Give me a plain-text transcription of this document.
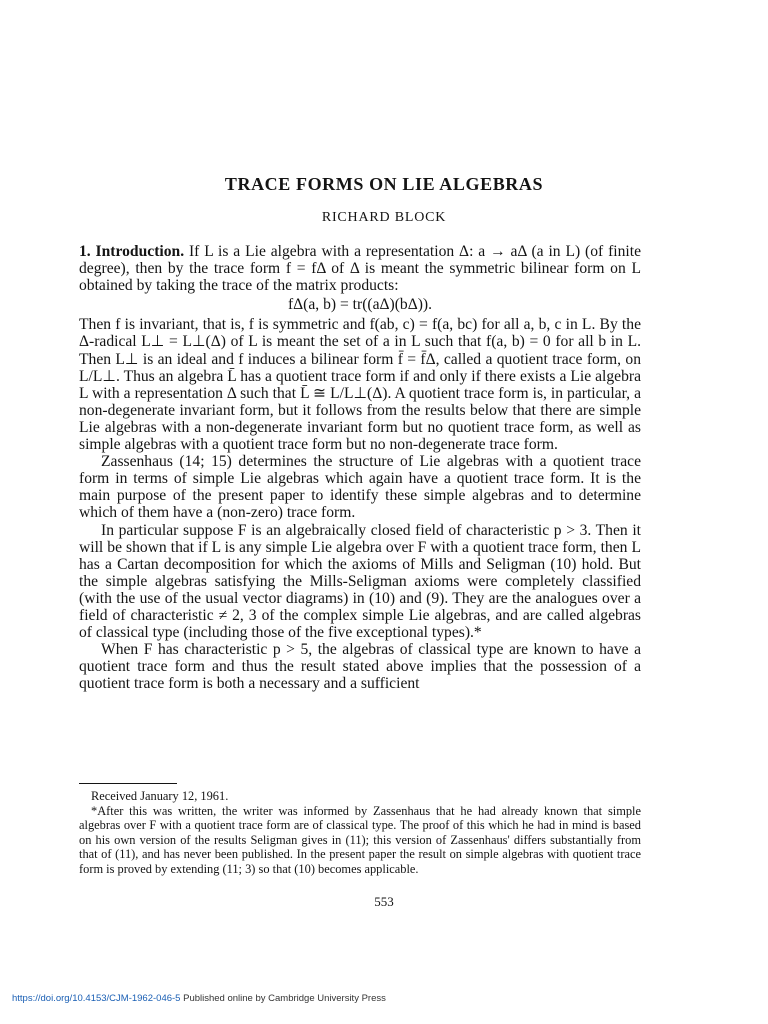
TRACE FORMS ON LIE ALGEBRAS
RICHARD BLOCK

1. Introduction. If L is a Lie algebra with a representation Δ: a → aΔ (a in L) (of finite degree), then by the trace form f = fΔ of Δ is meant the symmetric bilinear form on L obtained by taking the trace of the matrix products:

fΔ(a, b) = tr((aΔ)(bΔ)).

Then f is invariant, that is, f is symmetric and f(ab, c) = f(a, bc) for all a, b, c in L. By the Δ-radical L⊥ = L⊥(Δ) of L is meant the set of a in L such that f(a, b) = 0 for all b in L. Then L⊥ is an ideal and f induces a bilinear form f̄ = f̄Δ, called a quotient trace form, on L/L⊥. Thus an algebra L̄ has a quotient trace form if and only if there exists a Lie algebra L with a representation Δ such that L̄ ≅ L/L⊥(Δ). A quotient trace form is, in particular, a non-degenerate invariant form, but it follows from the results below that there are simple Lie algebras with a non-degenerate invariant form but no quotient trace form, as well as simple algebras with a quotient trace form but no non-degenerate trace form.

Zassenhaus (14; 15) determines the structure of Lie algebras with a quotient trace form in terms of simple Lie algebras which again have a quotient trace form. It is the main purpose of the present paper to identify these simple algebras and to determine which of them have a (non-zero) trace form.

In particular suppose F is an algebraically closed field of characteristic p > 3. Then it will be shown that if L is any simple Lie algebra over F with a quotient trace form, then L has a Cartan decomposition for which the axioms of Mills and Seligman (10) hold. But the simple algebras satisfying the Mills-Seligman axioms were completely classified (with the use of the usual vector diagrams) in (10) and (9). They are the analogues over a field of characteristic ≠ 2, 3 of the complex simple Lie algebras, and are called algebras of classical type (including those of the five exceptional types).*

When F has characteristic p > 5, the algebras of classical type are known to have a quotient trace form and thus the result stated above implies that the possession of a quotient trace form is both a necessary and a sufficient

Received January 12, 1961.

*After this was written, the writer was informed by Zassenhaus that he had already known that simple algebras over F with a quotient trace form are of classical type. The proof of this which he had in mind is based on his own version of the results Seligman gives in (11); this version of Zassenhaus' differs substantially from that of (11), and has never been published. In the present paper the result on simple algebras with quotient trace form is proved by extending (11; 3) so that (10) becomes applicable.

553
https://doi.org/10.4153/CJM-1962-046-5 Published online by Cambridge University Press
